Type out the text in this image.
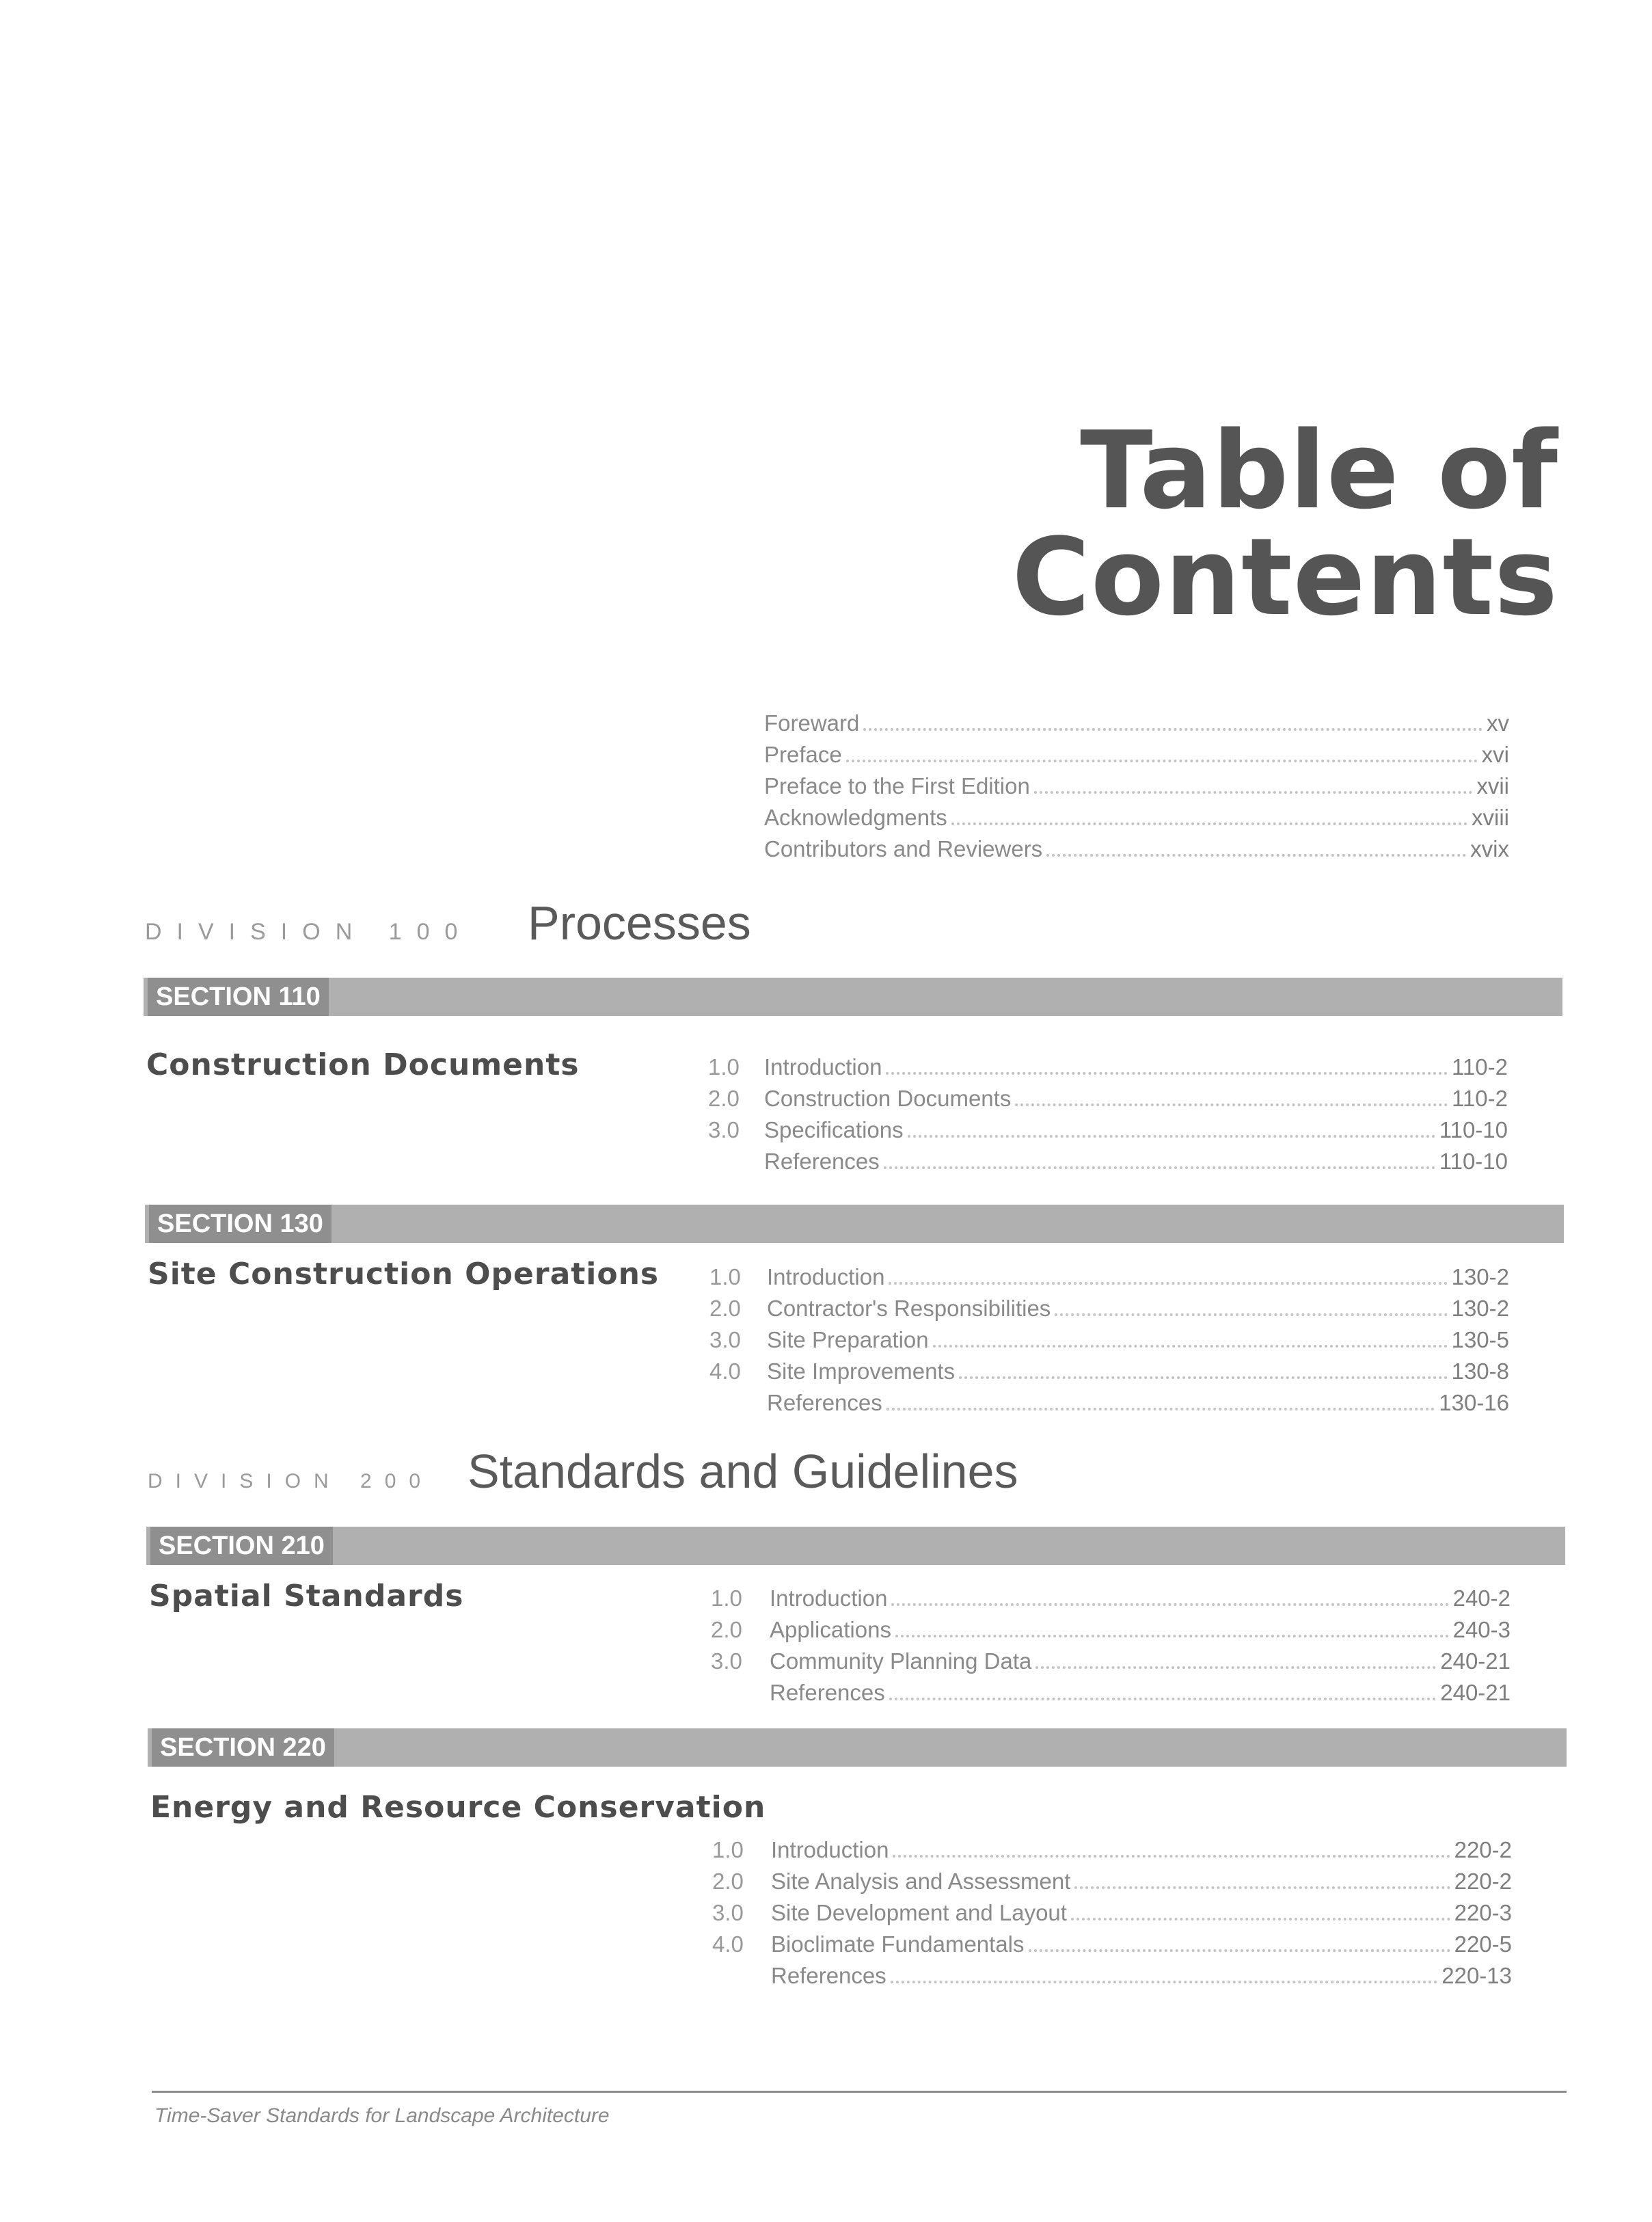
Table of Contents
Foreward	xv
Preface	xvi
Preface to the First Edition	xvii
Acknowledgments	xviii
Contributors and Reviewers	xvix
DIVISION 100	Processes
SECTION 110
Construction Documents	1.0	Introduction	110-2
2.0	Construction Documents	110-2
3.0	Specifications	110-10
References	110-10
SECTION 130
Site Construction Operations 1.0	Introduction	130-2
2.0	Contractor's Responsibilities	130-2
3.0	Site Preparation	130-5
4.0	Site Improvements	130-8
References	130-16
DIVISION 200 Standards and Guidelines
SECTION 210
Spatial Standards	1.0	Introduction	240-2
2.0	Applications	240-3
3.0	Community Planning Data	240-21
References	240-21
SECTION 220
Energy and Resource Conservation
1.0	Introduction	220-2
2.0	Site Analysis and Assessment	220-2
3.0	Site Development and Layout	220-3
4.0	Bioclimate Fundamentals	220-5
References	220-13
Time-Saver Standards for Landscape Architecture
